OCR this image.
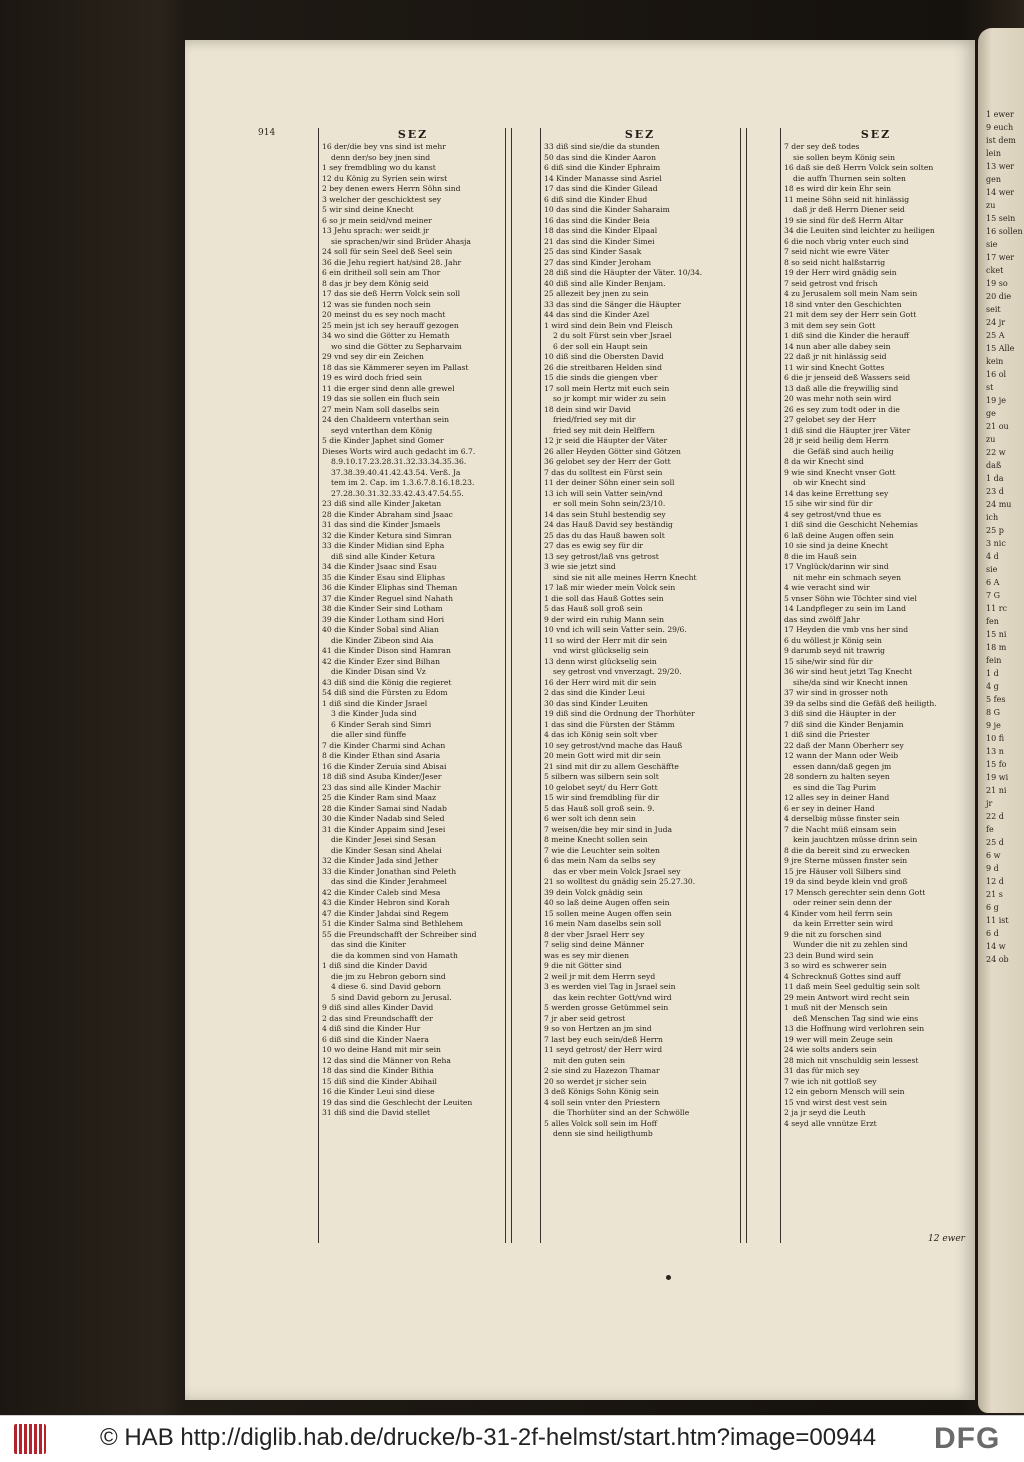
1 ewer
9 euch
ist dem
lein
13 wer
gen
14 wer
zu
15 sein
16 sollen
sie
17 wer
cket
19 so
20 die
seit
24 jr
25 A
15 Alle
kein
16 ol
st
19 je
ge
21 ou
zu
22 w
daß
1 da
23 d
24 mu
ich
25 p
3 nic
4 d
sie
6 A
7 G
11 rc
fen
15 ni
18 m
fein
1 d
4 g
5 fes
8 G
9 je
10 fi
13 n
15 fo
19 wi
21 ni
jr
22 d
fe
25 d
6 w
9 d
12 d
21 s
6 g
11 ist
6 d
14 w
24 ob
914	SEZ
16 der/die bey vns sind ist mehr
denn der/so bey jnen sind
1 sey fremdbling wo du kanst
12 du König zu Syrien sein wirst
2 bey denen ewers Herrn Söhn sind
3 welcher der geschicktest sey
5 wir sind deine Knecht
6 so jr mein seid/vnd meiner
13 Jehu sprach: wer seidt jr
sie sprachen/wir sind Brüder Ahasja
24 soll für sein Seel deß Seel sein
36 die Jehu regiert hat/sind 28. Jahr
6 ein dritheil soll sein am Thor
8 das jr bey dem König seid
17 das sie deß Herrn Volck sein soll
12 was sie funden noch sein
20 meinst du es sey noch macht
25 mein jst ich sey herauff gezogen
34 wo sind die Götter zu Hemath
wo sind die Götter zu Sepharvaim
29 vnd sey dir ein Zeichen
18 das sie Kämmerer seyen im Pallast
19 es wird doch fried sein
11 die erger sind denn alle grewel
19 das sie sollen ein fluch sein
27 mein Nam soll daselbs sein
24 den Chaldeern vnterthan sein
seyd vnterthan dem König
5 die Kinder Japhet sind Gomer
Dieses Worts wird auch gedacht im 6.7.
8.9.10.17.23.28.31.32.33.34.35.36.
37.38.39.40.41.42.43.54. Verß. Ja
tem im 2. Cap. im 1.3.6.7.8.16.18.23.
27.28.30.31.32.33.42.43.47.54.55.
23 diß sind alle Kinder Jaketan
28 die Kinder Abraham sind Jsaac
31 das sind die Kinder Jsmaels
32 die Kinder Ketura sind Simran
33 die Kinder Midian sind Epha
diß sind alle Kinder Ketura
34 die Kinder Jsaac sind Esau
35 die Kinder Esau sind Eliphas
36 die Kinder Eliphas sind Theman
37 die Kinder Reguel sind Nahath
38 die Kinder Seir sind Lotham
39 die Kinder Lotham sind Hori
40 die Kinder Sobal sind Alian
die Kinder Zibeon sind Aia
41 die Kinder Dison sind Hamran
42 die Kinder Ezer sind Bilhan
die Kinder Disan sind Vz
43 diß sind die König die regieret
54 diß sind die Fürsten zu Edom
1 diß sind die Kinder Jsrael
3 die Kinder Juda sind
6 Kinder Serah sind Simri
die aller sind fünffe
7 die Kinder Charmi sind Achan
8 die Kinder Ethan sind Asaria
16 die Kinder Zeruia sind Abisai
18 diß sind Asuba Kinder/Jeser
23 das sind alle Kinder Machir
25 die Kinder Ram sind Maaz
28 die Kinder Samai sind Nadab
30 die Kinder Nadab sind Seled
31 die Kinder Appaim sind Jesei
die Kinder Jesei sind Sesan
die Kinder Sesan sind Ahelai
32 die Kinder Jada sind Jether
33 die Kinder Jonathan sind Peleth
das sind die Kinder Jerahmeel
42 die Kinder Caleb sind Mesa
43 die Kinder Hebron sind Korah
47 die Kinder Jahdai sind Regem
51 die Kinder Salma sind Bethlehem
55 die Freundschafft der Schreiber sind
das sind die Kiniter
die da kommen sind von Hamath
1 diß sind die Kinder David
die jm zu Hebron geborn sind
4 diese 6. sind David geborn
5 sind David geborn zu Jerusal.
9 diß sind alles Kinder David
2 das sind Freundschafft der
4 diß sind die Kinder Hur
6 diß sind die Kinder Naera
10 wo deine Hand mit mir sein
12 das sind die Männer von Reha
18 das sind die Kinder Bithia
15 diß sind die Kinder Abihail
16 die Kinder Leui sind diese
19 das sind die Geschlecht der Leuiten
31 diß sind die David stellet
SEZ
33 diß sind sie/die da stunden
50 das sind die Kinder Aaron
6 diß sind die Kinder Ephraim
14 Kinder Manasse sind Asriel
17 das sind die Kinder Gilead
6 diß sind die Kinder Ehud
10 das sind die Kinder Saharaim
16 das sind die Kinder Beia
18 das sind die Kinder Elpaal
21 das sind die Kinder Simei
25 das sind Kinder Sasak
27 das sind Kinder Jeroham
28 diß sind die Häupter der Väter. 10/34.
40 diß sind alle Kinder Benjam.
25 allezeit bey jnen zu sein
33 das sind die Sänger die Häupter
44 das sind die Kinder Azel
1 wird sind dein Bein vnd Fleisch
2 du solt Fürst sein vber Jsrael
6 der soll ein Haupt sein
10 diß sind die Obersten David
26 die streitbaren Helden sind
15 die sinds die giengen vber
17 soll mein Hertz mit euch sein
so jr kompt mir wider zu sein
18 dein sind wir David
fried/fried sey mit dir
fried sey mit dein Helffern
12 jr seid die Häupter der Väter
26 aller Heyden Götter sind Götzen
36 gelobet sey der Herr der Gott
7 das du solltest ein Fürst sein
11 der deiner Söhn einer sein soll
13 ich will sein Vatter sein/vnd
er soll mein Sohn sein/23/10.
14 das sein Stuhl bestendig sey
24 das Hauß David sey beständig
25 das du das Hauß bawen solt
27 das es ewig sey für dir
13 sey getrost/laß vns getrost
3 wie sie jetzt sind
sind sie nit alle meines Herrn Knecht
17 laß mir wieder mein Volck sein
1 die soll das Hauß Gottes sein
5 das Hauß soll groß sein
9 der wird ein ruhig Mann sein
10 vnd ich will sein Vatter sein. 29/6.
11 so wird der Herr mit dir sein
vnd wirst glückselig sein
13 denn wirst glückselig sein
sey getrost vnd vnverzagt. 29/20.
16 der Herr wird mit dir sein
2 das sind die Kinder Leui
30 das sind Kinder Leuiten
19 diß sind die Ordnung der Thorhüter
1 das sind die Fürsten der Stämm
4 das ich König sein solt vber
10 sey getrost/vnd mache das Hauß
20 mein Gott wird mit dir sein
21 sind mit dir zu allem Geschäffte
5 silbern was silbern sein solt
10 gelobet seyt/ du Herr Gott
15 wir sind fremdbling für dir
5 das Hauß soll groß sein. 9.
6 wer solt ich denn sein
7 weisen/die bey mir sind in Juda
8 meine Knecht sollen sein
7 wie die Leuchter sein solten
6 das mein Nam da selbs sey
das er vber mein Volck Jsrael sey
21 so wolltest du gnädig sein 25.27.30.
39 dein Volck gnädig sein
40 so laß deine Augen offen sein
15 sollen meine Augen offen sein
16 mein Nam daselbs sein soll
8 der vber Jsrael Herr sey
7 selig sind deine Männer
was es sey mir dienen
9 die nit Götter sind
2 weil jr mit dem Herrn seyd
3 es werden viel Tag in Jsrael sein
das kein rechter Gott/vnd wird
5 werden grosse Getümmel sein
7 jr aber seid getrost
9 so von Hertzen an jm sind
7 last bey euch sein/deß Herrn
11 seyd getrost/ der Herr wird
mit den guten sein
2 sie sind zu Hazezon Thamar
20 so werdet jr sicher sein
3 deß Königs Sohn König sein
4 soll sein vnter den Priestern
die Thorhüter sind an der Schwölle
5 alles Volck soll sein im Hoff
denn sie sind heiligthumb
SEZ
7 der sey deß todes
sie sollen beym König sein
16 daß sie deß Herrn Volck sein solten
die auffn Thurnen sein solten
18 es wird dir kein Ehr sein
11 meine Söhn seid nit hinlässig
daß jr deß Herrn Diener seid
19 sie sind für deß Herrn Altar
34 die Leuiten sind leichter zu heiligen
6 die noch vbrig vnter euch sind
7 seid nicht wie ewre Väter
8 so seid nicht halßstarrig
19 der Herr wird gnädig sein
7 seid getrost vnd frisch
4 zu Jerusalem soll mein Nam sein
18 sind vnter den Geschichten
21 mit dem sey der Herr sein Gott
3 mit dem sey sein Gott
1 diß sind die Kinder die herauff
14 nun aber alle dabey sein
22 daß jr nit hinlässig seid
11 wir sind Knecht Gottes
6 die jr jenseid deß Wassers seid
13 daß alle die freywillig sind
20 was mehr noth sein wird
26 es sey zum todt oder in die
27 gelobet sey der Herr
1 diß sind die Häupter jrer Väter
28 jr seid heilig dem Herrn
die Gefäß sind auch heilig
8 da wir Knecht sind
9 wie sind Knecht vnser Gott
ob wir Knecht sind
14 das keine Errettung sey
15 sihe wir sind für dir
4 sey getrost/vnd thue es
1 diß sind die Geschicht Nehemias
6 laß deine Augen offen sein
10 sie sind ja deine Knecht
8 die im Hauß sein
17 Vnglück/darinn wir sind
nit mehr ein schmach seyen
4 wie veracht sind wir
5 vnser Söhn wie Töchter sind viel
14 Landpfleger zu sein im Land
das sind zwölff Jahr
17 Heyden die vmb vns her sind
6 du wöllest jr König sein
9 darumb seyd nit trawrig
15 sihe/wir sind für dir
36 wir sind heut jetzt Tag Knecht
sihe/da sind wir Knecht innen
37 wir sind in grosser noth
39 da selbs sind die Gefäß deß heiligth.
3 diß sind die Häupter in der
7 diß sind die Kinder Benjamin
1 diß sind die Priester
22 daß der Mann Oberherr sey
12 wann der Mann oder Weib
essen dann/daß gegen jm
28 sondern zu halten seyen
es sind die Tag Purim
12 alles sey in deiner Hand
6 er sey in deiner Hand
4 derselbig müsse finster sein
7 die Nacht müß einsam sein
kein jauchtzen müsse drinn sein
8 die da bereit sind zu erwecken
9 jre Sterne müssen finster sein
15 jre Häuser voll Silbers sind
19 da sind beyde klein vnd groß
17 Mensch gerechter sein denn Gott
oder reiner sein denn der
4 Kinder vom heil ferrn sein
da kein Erretter sein wird
9 die nit zu forschen sind
Wunder die nit zu zehlen sind
23 dein Bund wird sein
3 so wird es schwerer sein
4 Schrecknuß Gottes sind auff
11 daß mein Seel gedultig sein solt
29 mein Antwort wird recht sein
1 muß nit der Mensch sein
deß Menschen Tag sind wie eins
13 die Hoffnung wird verlohren sein
19 wer will mein Zeuge sein
24 wie solts anders sein
28 mich nit vnschuldig sein lessest
31 das für mich sey
7 wie ich nit gottloß sey
12 ein geborn Mensch will sein
15 vnd wirst dest vest sein
2 ja jr seyd die Leuth
4 seyd alle vnnütze Erzt
12 ewer
© HAB http://diglib.hab.de/drucke/b-31-2f-helmst/start.htm?image=00944 DFG
